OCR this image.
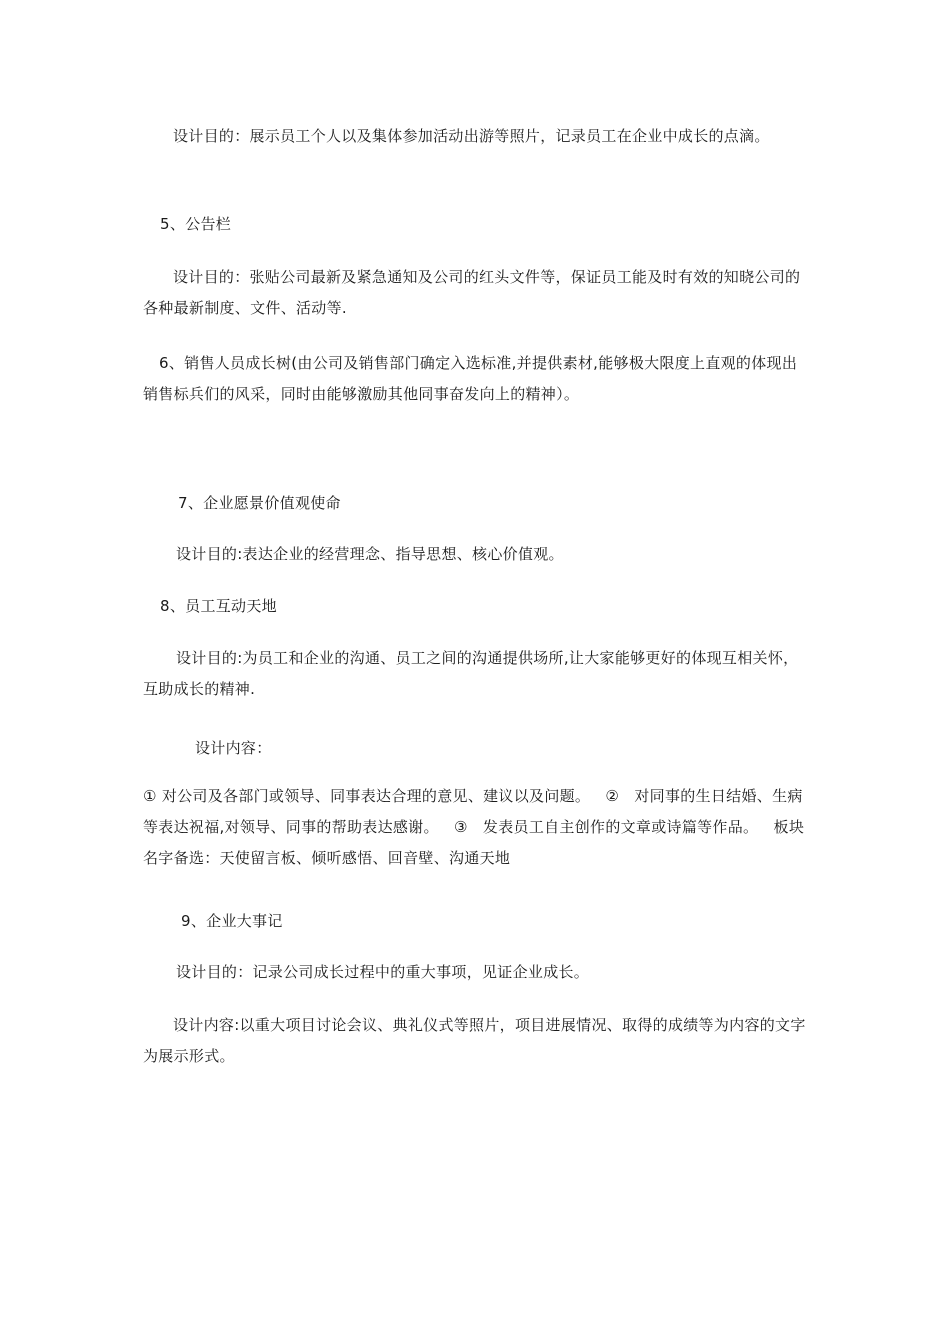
设计目的：展示员工个人以及集体参加活动出游等照片，记录员工在企业中成长的点滴。
5、公告栏
设计目的：张贴公司最新及紧急通知及公司的红头文件等，保证员工能及时有效的知晓公司的各种最新制度、文件、活动等.
6、销售人员成长树(由公司及销售部门确定入选标准,并提供素材,能够极大限度上直观的体现出销售标兵们的风采，同时由能够激励其他同事奋发向上的精神）。
7、企业愿景价值观使命
设计目的:表达企业的经营理念、指导思想、核心价值观。
8、员工互动天地
设计目的:为员工和企业的沟通、员工之间的沟通提供场所,让大家能够更好的体现互相关怀，互助成长的精神.
设计内容：
① 对公司及各部门或领导、同事表达合理的意见、建议以及问题。   ②   对同事的生日结婚、生病等表达祝福,对领导、同事的帮助表达感谢。   ③   发表员工自主创作的文章或诗篇等作品。   板块名字备选：天使留言板、倾听感悟、回音壁、沟通天地
9、企业大事记
设计目的：记录公司成长过程中的重大事项，见证企业成长。
设计内容:以重大项目讨论会议、典礼仪式等照片，项目进展情况、取得的成绩等为内容的文字为展示形式。
